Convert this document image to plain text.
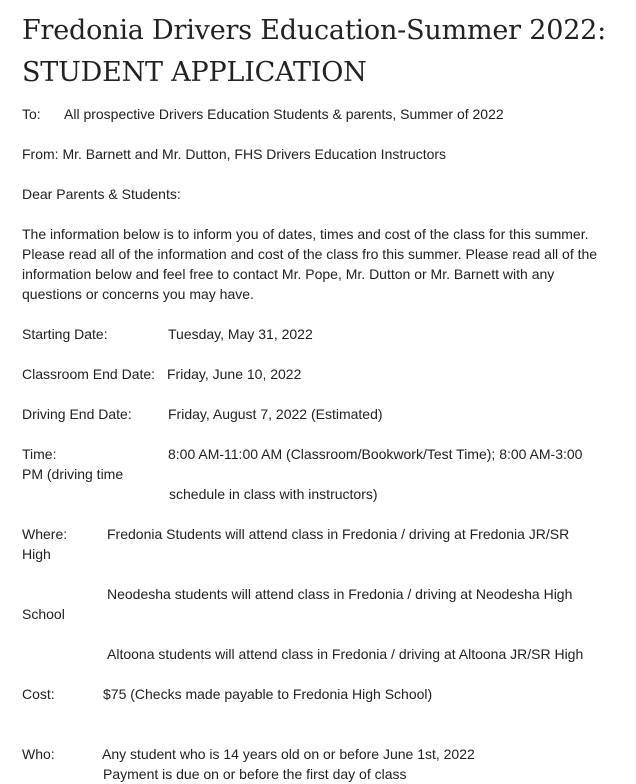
Fredonia Drivers Education-Summer 2022:
STUDENT APPLICATION
To: All prospective Drivers Education Students & parents, Summer of 2022
From: Mr. Barnett and Mr. Dutton, FHS Drivers Education Instructors
Dear Parents & Students:
The information below is to inform you of dates, times and cost of the class for this summer. Please read all of the information and cost of the class fro this summer. Please read all of the information below and feel free to contact Mr. Pope, Mr. Dutton or Mr. Barnett with any questions or concerns you may have.
Starting Date:	Tuesday, May 31, 2022
Classroom End Date: Friday, June 10, 2022
Driving End Date:	Friday, August 7, 2022 (Estimated)
Time:	8:00 AM-11:00 AM (Classroom/Bookwork/Test Time); 8:00 AM-3:00
PM (driving time
schedule in class with instructors)
Where:	Fredonia Students will attend class in Fredonia / driving at Fredonia JR/SR
High
Neodesha students will attend class in Fredonia / driving at Neodesha High
School
Altoona students will attend class in Fredonia / driving at Altoona JR/SR High
Cost:	$75 (Checks made payable to Fredonia High School)
Who:	Any student who is 14 years old on or before June 1st, 2022
Payment is due on or before the first day of class
